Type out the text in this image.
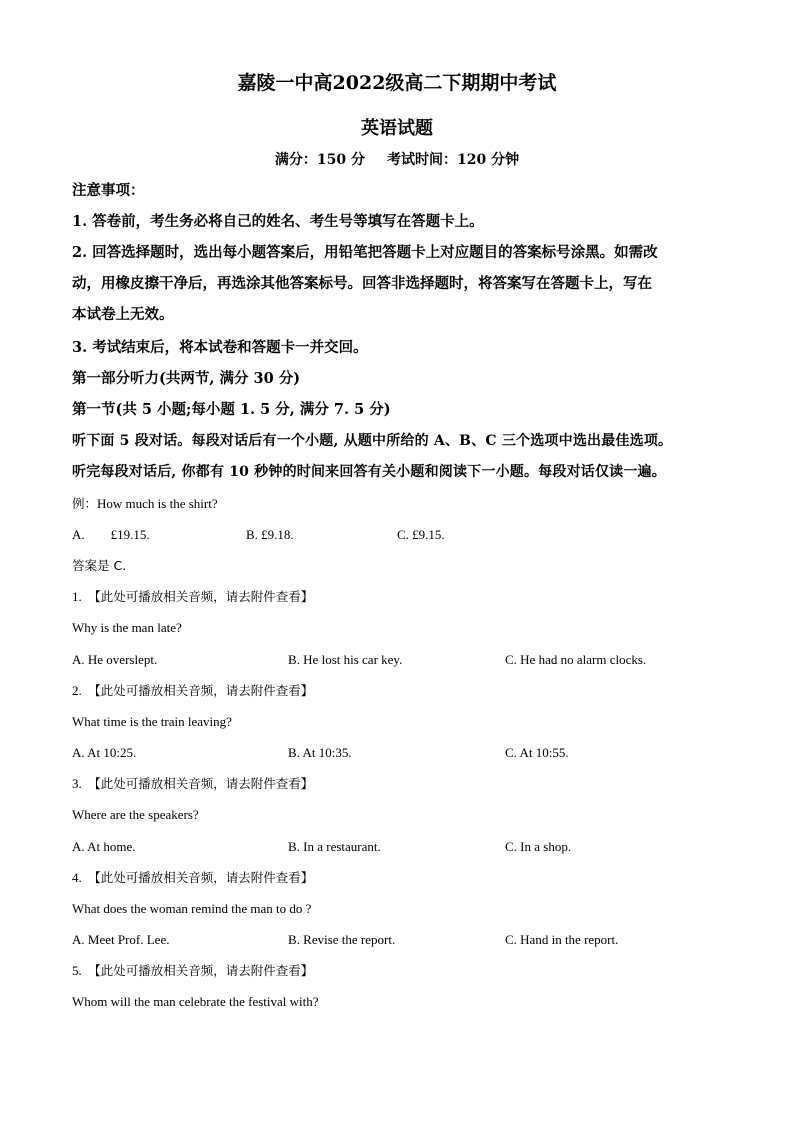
嘉陵一中高2022级高二下期期中考试
英语试题
满分：150 分 考试时间：120 分钟

注意事项：

1. 答卷前，考生务必将自己的姓名、考生号等填写在答题卡上。

2. 回答选择题时，选出每小题答案后，用铅笔把答题卡上对应题目的答案标号涂黑。如需改

动，用橡皮擦干净后，再选涂其他答案标号。回答非选择题时，将答案写在答题卡上，写在

本试卷上无效。

3. 考试结束后，将本试卷和答题卡一并交回。

第一部分听力(共两节, 满分 30 分)

第一节(共 5 小题;每小题 1. 5 分, 满分 7. 5 分)

听下面 5 段对话。每段对话后有一个小题, 从题中所给的 A、B、C 三个选项中选出最佳选项。

听完每段对话后, 你都有 10 秒钟的时间来回答有关小题和阅读下一小题。每段对话仅读一遍。

例：How much is the shirt?
A.        £19.15.	B. £9.18.	C. £9.15.
答案是 C.
1. 【此处可播放相关音频，请去附件查看】
Why is the man late?
A. He overslept.	B. He lost his car key.	C. He had no alarm clocks.
2. 【此处可播放相关音频，请去附件查看】
What time is the train leaving?
A. At 10:25.	B. At 10:35.	C. At 10:55.
3. 【此处可播放相关音频，请去附件查看】
Where are the speakers?
A. At home.	B. In a restaurant.	C. In a shop.
4. 【此处可播放相关音频，请去附件查看】
What does the woman remind the man to do ?
A. Meet Prof. Lee.	B. Revise the report.	C. Hand in the report.
5. 【此处可播放相关音频，请去附件查看】
Whom will the man celebrate the festival with?
